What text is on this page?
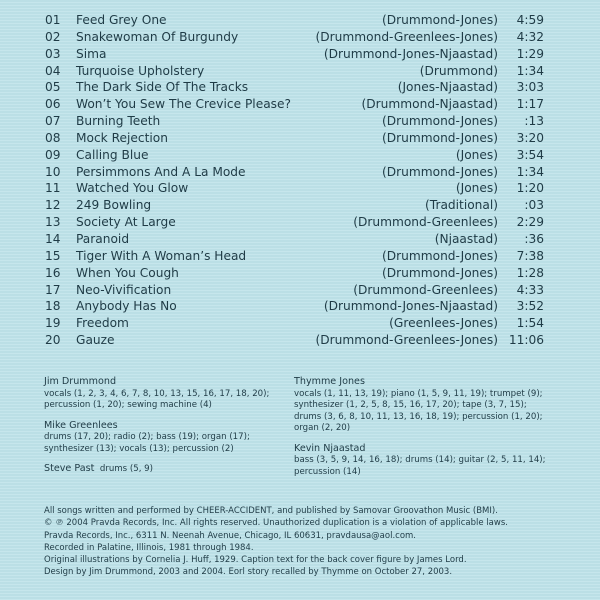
01 Feed Grey One	(Drummond-Jones) 4:59
02 Snakewoman Of Burgundy	(Drummond-Greenlees-Jones) 4:32
03 Sima	(Drummond-Jones-Njaastad) 1:29
04 Turquoise Upholstery	(Drummond) 1:34
05 The Dark Side Of The Tracks	(Jones-Njaastad) 3:03
06 Won’t You Sew The Crevice Please?	(Drummond-Njaastad) 1:17
07 Burning Teeth	(Drummond-Jones) :13
08 Mock Rejection	(Drummond-Jones) 3:20
09 Calling Blue	(Jones) 3:54
10 Persimmons And A La Mode	(Drummond-Jones) 1:34
11 Watched You Glow	(Jones) 1:20
12 249 Bowling	(Traditional) :03
13 Society At Large	(Drummond-Greenlees) 2:29
14 Paranoid	(Njaastad) :36
15 Tiger With A Woman’s Head	(Drummond-Jones) 7:38
16 When You Cough	(Drummond-Jones) 1:28
17 Neo-Vivification	(Drummond-Greenlees) 4:33
18 Anybody Has No	(Drummond-Jones-Njaastad) 3:52
19 Freedom	(Greenlees-Jones) 1:54
20 Gauze	(Drummond-Greenlees-Jones) 11:06
Jim Drummond
vocals (1, 2, 3, 4, 6, 7, 8, 10, 13, 15, 16, 17, 18, 20);
percussion (1, 20); sewing machine (4)
Mike Greenlees
drums (17, 20); radio (2); bass (19); organ (17);
synthesizer (13); vocals (13); percussion (2)
Steve Past drums (5, 9)
Thymme Jones
vocals (1, 11, 13, 19); piano (1, 5, 9, 11, 19); trumpet (9);
synthesizer (1, 2, 5, 8, 15, 16, 17, 20); tape (3, 7, 15);
drums (3, 6, 8, 10, 11, 13, 16, 18, 19); percussion (1, 20);
organ (2, 20)
Kevin Njaastad
bass (3, 5, 9, 14, 16, 18); drums (14); guitar (2, 5, 11, 14);
percussion (14)
All songs written and performed by CHEER-ACCIDENT, and published by Samovar Groovathon Music (BMI).
© ℗ 2004 Pravda Records, Inc. All rights reserved. Unauthorized duplication is a violation of applicable laws.
Pravda Records, Inc., 6311 N. Neenah Avenue, Chicago, IL 60631, pravdausa@aol.com.
Recorded in Palatine, Illinois, 1981 through 1984.
Original illustrations by Cornelia J. Huff, 1929. Caption text for the back cover figure by James Lord.
Design by Jim Drummond, 2003 and 2004. Eorl story recalled by Thymme on October 27, 2003.
